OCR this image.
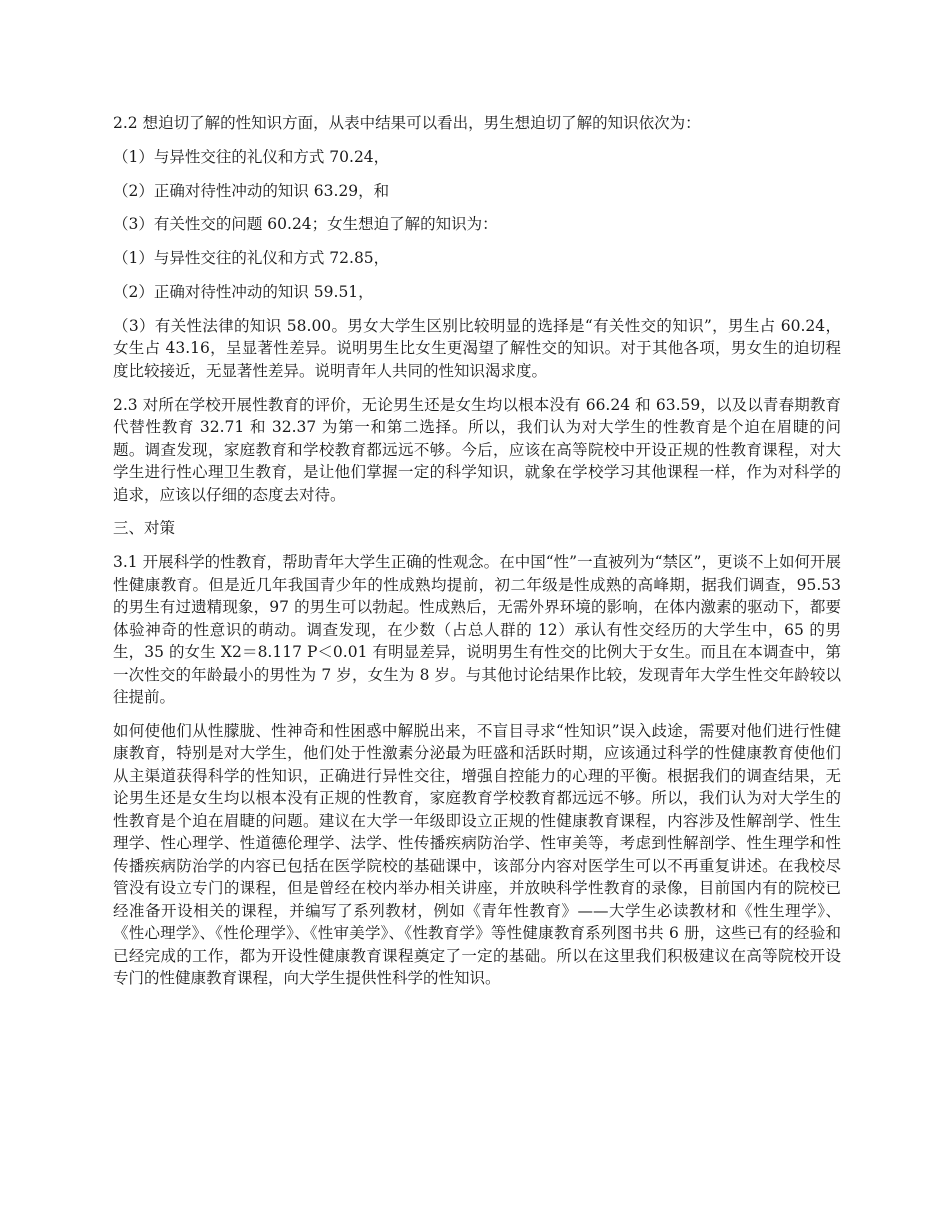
2.2 想迫切了解的性知识方面，从表中结果可以看出，男生想迫切了解的知识依次为：

（1）与异性交往的礼仪和方式 70.24，

（2）正确对待性冲动的知识 63.29，和

（3）有关性交的问题 60.24；女生想迫了解的知识为：

（1）与异性交往的礼仪和方式 72.85，

（2）正确对待性冲动的知识 59.51，

（3）有关性法律的知识 58.00。男女大学生区别比较明显的选择是“有关性交的知识”，男生占 60.24，女生占 43.16，呈显著性差异。说明男生比女生更渴望了解性交的知识。对于其他各项，男女生的迫切程度比较接近，无显著性差异。说明青年人共同的性知识渴求度。

2.3 对所在学校开展性教育的评价，无论男生还是女生均以根本没有 66.24 和 63.59，以及以青春期教育代替性教育 32.71 和 32.37 为第一和第二选择。所以，我们认为对大学生的性教育是个迫在眉睫的问题。调查发现，家庭教育和学校教育都远远不够。今后，应该在高等院校中开设正规的性教育课程，对大学生进行性心理卫生教育，是让他们掌握一定的科学知识，就象在学校学习其他课程一样，作为对科学的追求，应该以仔细的态度去对待。

三、对策

3.1 开展科学的性教育，帮助青年大学生正确的性观念。在中国“性”一直被列为“禁区”，更谈不上如何开展性健康教育。但是近几年我国青少年的性成熟均提前，初二年级是性成熟的高峰期，据我们调查，95.53 的男生有过遗精现象，97 的男生可以勃起。性成熟后，无需外界环境的影响，在体内激素的驱动下，都要体验神奇的性意识的萌动。调查发现，在少数（占总人群的 12）承认有性交经历的大学生中，65 的男生，35 的女生 X2＝8.117 P＜0.01 有明显差异，说明男生有性交的比例大于女生。而且在本调查中，第一次性交的年龄最小的男性为 7 岁，女生为 8 岁。与其他讨论结果作比较，发现青年大学生性交年龄较以往提前。

如何使他们从性朦胧、性神奇和性困惑中解脱出来，不盲目寻求“性知识”误入歧途，需要对他们进行性健康教育，特别是对大学生，他们处于性激素分泌最为旺盛和活跃时期，应该通过科学的性健康教育使他们从主渠道获得科学的性知识，正确进行异性交往，增强自控能力的心理的平衡。根据我们的调查结果，无论男生还是女生均以根本没有正规的性教育，家庭教育学校教育都远远不够。所以，我们认为对大学生的性教育是个迫在眉睫的问题。建议在大学一年级即设立正规的性健康教育课程，内容涉及性解剖学、性生理学、性心理学、性道德伦理学、法学、性传播疾病防治学、性审美等，考虑到性解剖学、性生理学和性传播疾病防治学的内容已包括在医学院校的基础课中，该部分内容对医学生可以不再重复讲述。在我校尽管没有设立专门的课程，但是曾经在校内举办相关讲座，并放映科学性教育的录像，目前国内有的院校已经准备开设相关的课程，并编写了系列教材，例如《青年性教育》——大学生必读教材和《性生理学》、《性心理学》、《性伦理学》、《性审美学》、《性教育学》等性健康教育系列图书共 6 册，这些已有的经验和已经完成的工作，都为开设性健康教育课程奠定了一定的基础。所以在这里我们积极建议在高等院校开设专门的性健康教育课程，向大学生提供性科学的性知识。
